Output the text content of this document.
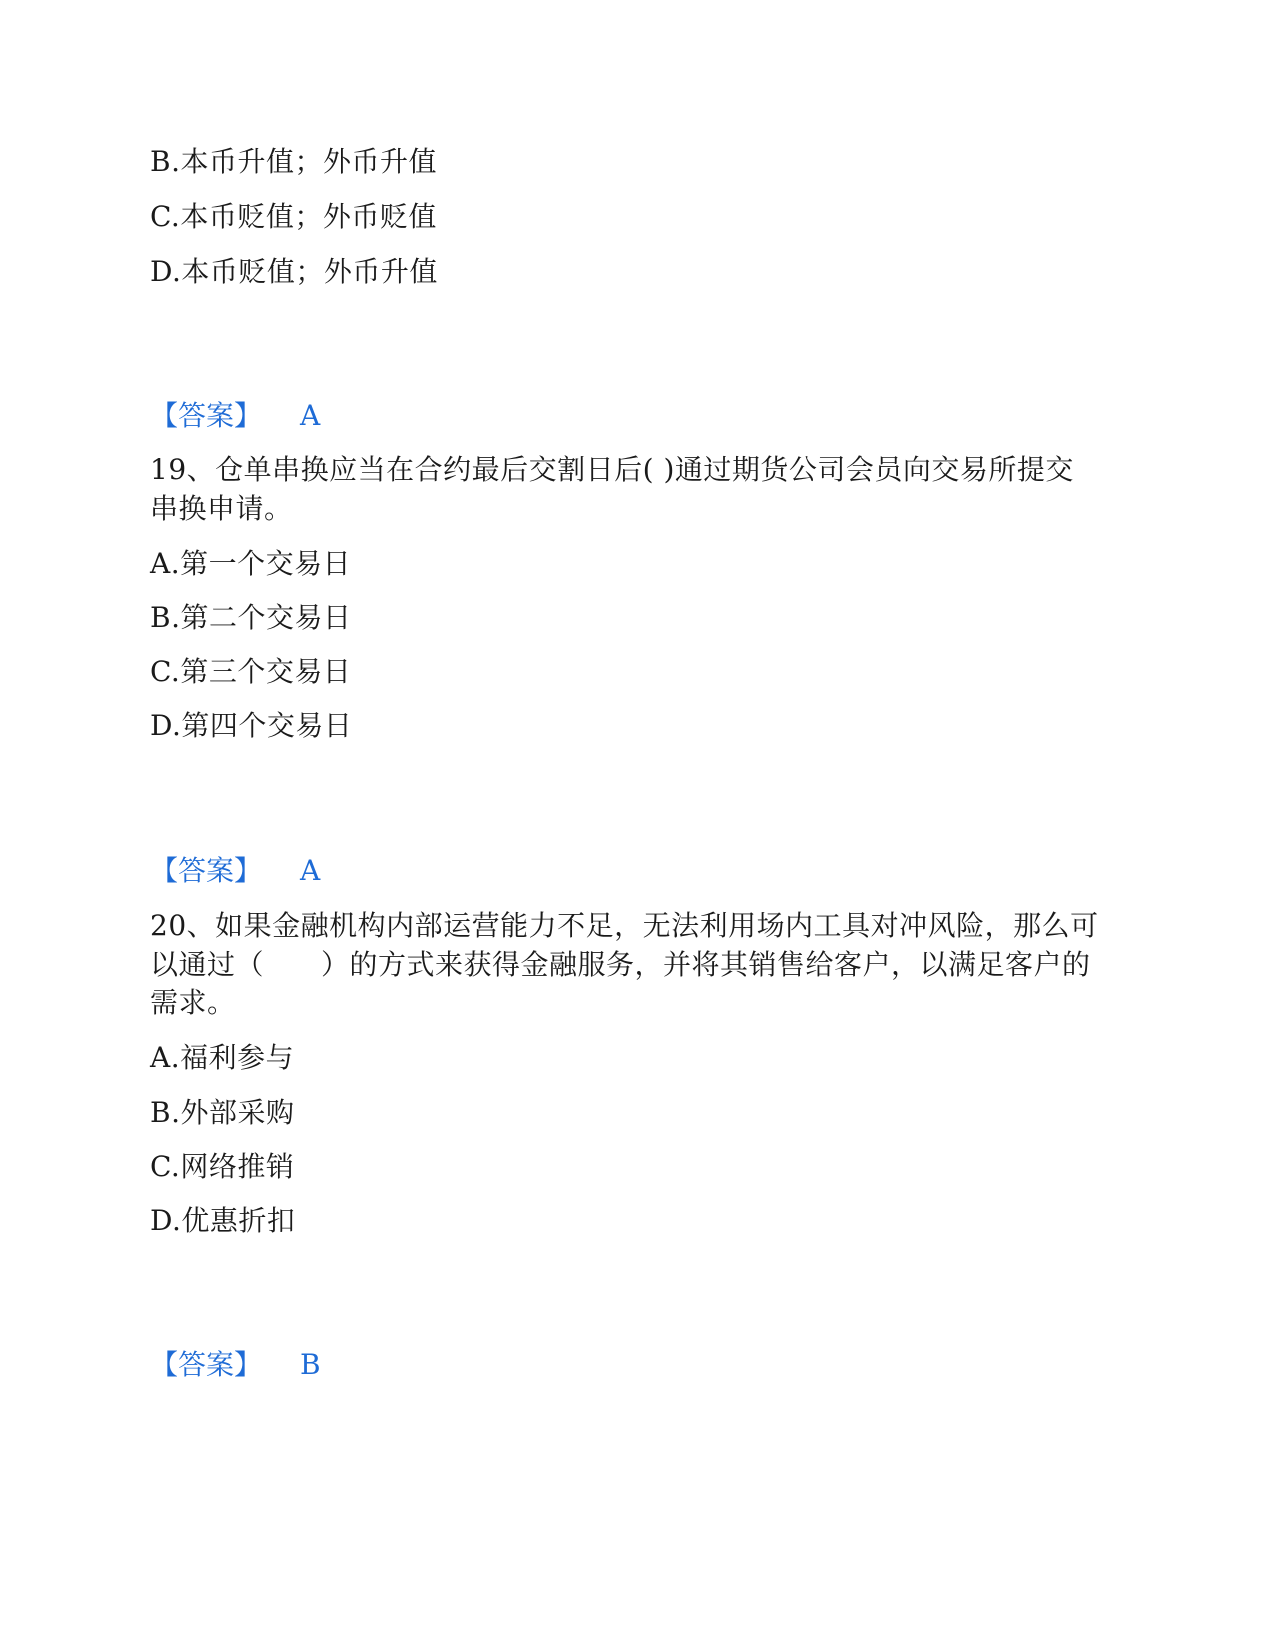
B.本币升值；外币升值
C.本币贬值；外币贬值
D.本币贬值；外币升值
【答案】 A
19、仓单串换应当在合约最后交割日后( )通过期货公司会员向交易所提交
串换申请。
A.第一个交易日
B.第二个交易日
C.第三个交易日
D.第四个交易日
【答案】 A
20、如果金融机构内部运营能力不足，无法利用场内工具对冲风险，那么可
以通过（　　）的方式来获得金融服务，并将其销售给客户，以满足客户的
需求。
A.福利参与
B.外部采购
C.网络推销
D.优惠折扣
【答案】 B
